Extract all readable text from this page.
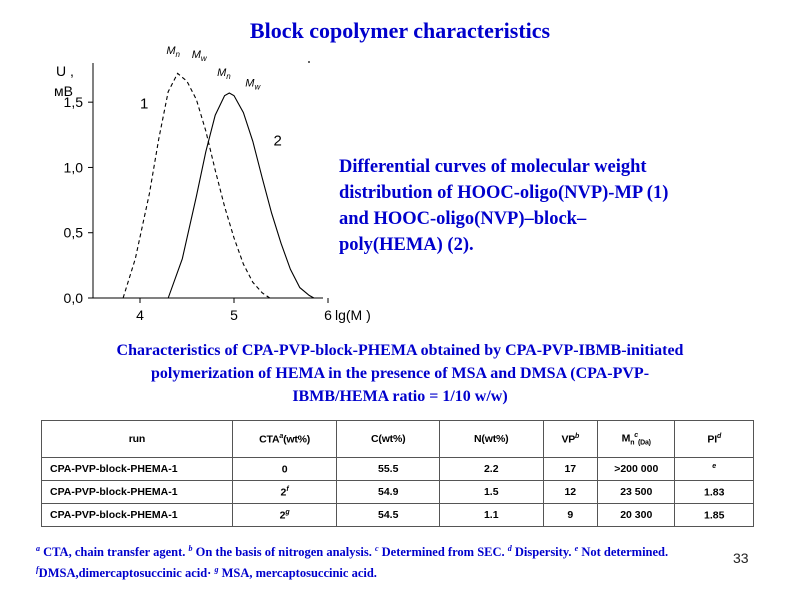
Block copolymer characteristics
0,0
0,5
1,0
1,5
4	5	6
U ,
мВ
lg(M )
1
2
$M_n$ $M_w$
$M_n$
$M_w$
Differential curves of molecular weight
distribution of HOOC-oligo(NVP)-MP (1)
and HOOC-oligo(NVP)–block–
poly(HEMA) (2).
Characteristics of CPA-PVP-block-PHEMA obtained by CPA-PVP-IBMB-initiated
polymerization of HEMA in the presence of MSA and DMSA (CPA-PVP-
IBMB/HEMA ratio = 1/10 w/w)
run	CTA$^a$(wt%)	C(wt%)	N(wt%)	$VP^b$	$M_n^c_{(Da)}$	$PI^d$
CPA-PVP-block-PHEMA-1	0	55.5	2.2	17	>200 000	$^e$
CPA-PVP-block-PHEMA-1	2$^f$	54.9	1.5	12	23 500	1.83
CPA-PVP-block-PHEMA-1	2$^g$	54.5	1.1	9	20 300	1.85
$^a$ CTA, chain transfer agent. $^b$ On the basis of nitrogen analysis. $^c$ Determined from SEC. $^d$ Dispersity. $^e$ Not determined. $^f$DMSA,dimercaptosuccinic acid· $^g$ MSA, mercaptosuccinic acid.
33
